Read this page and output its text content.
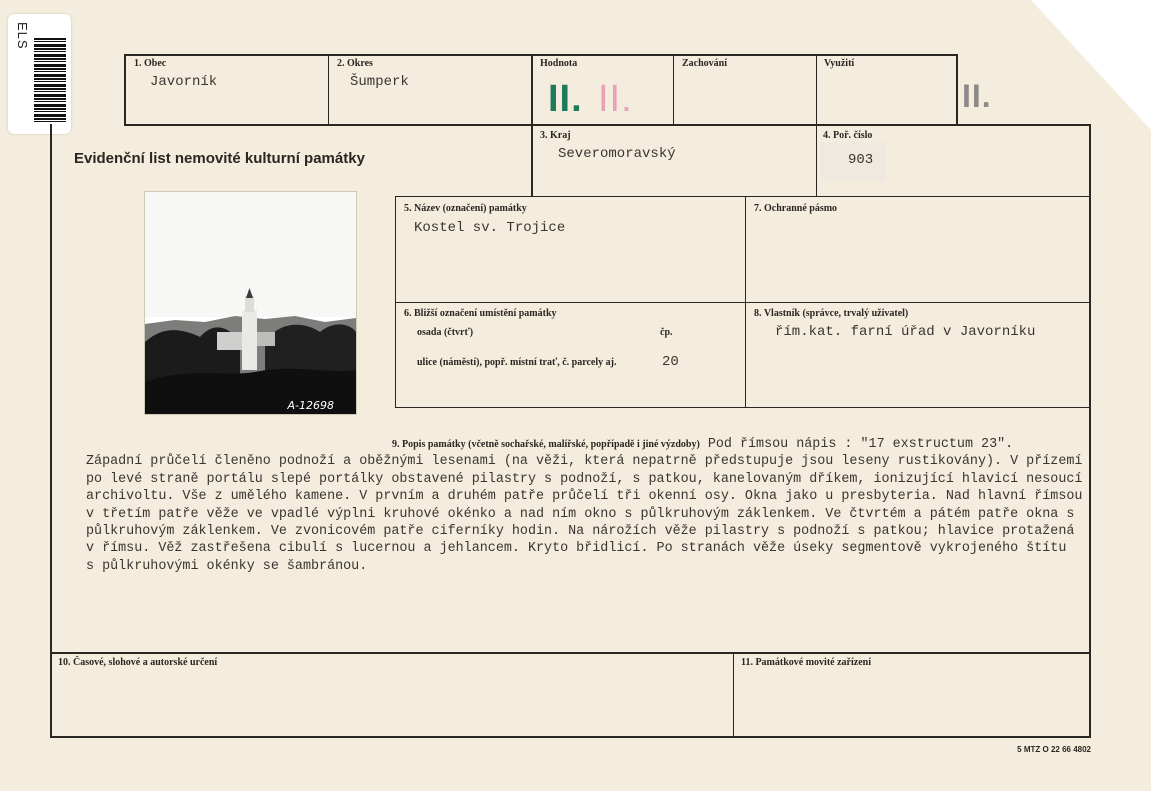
ELS
1. Obec
Javorník
2. Okres
Šumperk
Hodnota
II. II.
Zachování	Využití
II.
Evidenční list nemovité kulturní památky
3. Kraj
Severomoravský
4. Poř. číslo
903
A-12698
5. Název (označení) památky
Kostel sv. Trojice
7. Ochranné pásmo
6. Bližší označení umístění památky
osada (čtvrť)	čp.
ulice (náměstí), popř. místní trať, č. parcely aj.	20
8. Vlastník (správce, trvalý uživatel)
řím.kat. farní úřad v Javorníku
9. Popis památky (včetně sochařské, malířské, popřípadě i jiné výzdoby) Pod římsou nápis : "17 exstructum 23".
Západní průčelí členěno podnoží a oběžnými lesenami (na věži, která nepatrně předstupuje jsou leseny rustikovány). V přízemí
po levé straně portálu slepé portálky obstavené pilastry s podnoží, s patkou, kanelovaným dříkem, ionizující hlavicí nesoucí
archivoltu. Vše z umělého kamene. V prvním a druhém patře průčelí tři okenní osy. Okna jako u presbyteria. Nad hlavní římsou
v třetím patře věže ve vpadlé výplni kruhové okénko a nad ním okno s půlkruhovým záklenkem. Ve čtvrtém a pátém patře okna s
půlkruhovým záklenkem. Ve zvonicovém patře ciferníky hodin. Na nárožích věže pilastry s podnoží s patkou; hlavice protažená
v římsu. Věž zastřešena cibulí s lucernou a jehlancem. Kryto břidlicí. Po stranách věže úseky segmentově vykrojeného štítu
s půlkruhovými okénky se šambránou.
10. Časové, slohové a autorské určení	11. Památkové movité zařízení
5 MTZ O 22 66 4802
